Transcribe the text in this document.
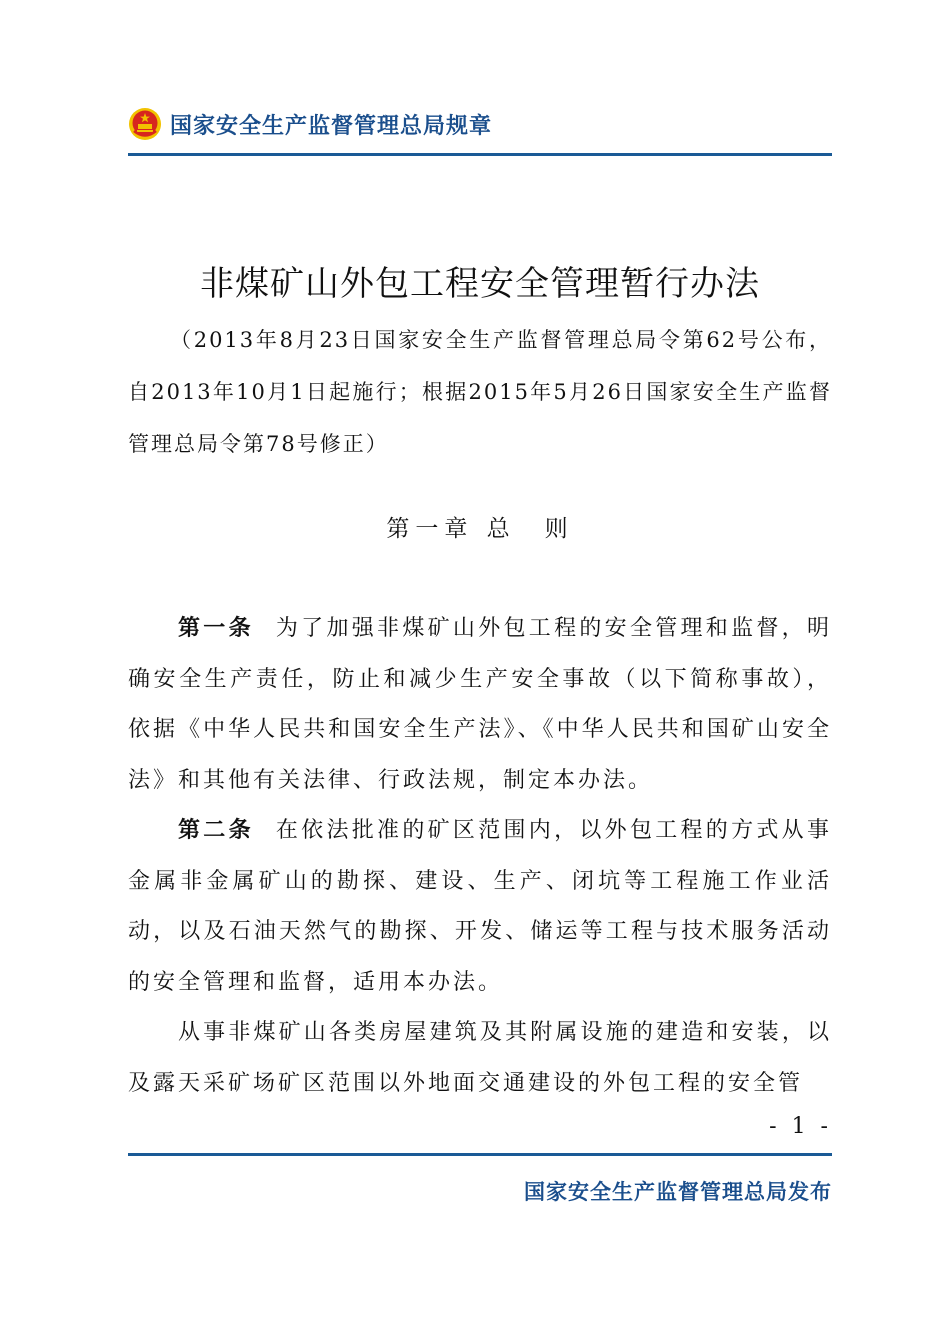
国家安全生产监督管理总局规章
非煤矿山外包工程安全管理暂行办法
（2013年8月23日国家安全生产监督管理总局令第62号公布，自2013年10月1日起施行；根据2015年5月26日国家安全生产监督管理总局令第78号修正）
第一章 总　则

第一条 为了加强非煤矿山外包工程的安全管理和监督，明确安全生产责任，防止和减少生产安全事故（以下简称事故），依据《中华人民共和国安全生产法》、《中华人民共和国矿山安全法》和其他有关法律、行政法规，制定本办法。

第二条 在依法批准的矿区范围内，以外包工程的方式从事金属非金属矿山的勘探、建设、生产、闭坑等工程施工作业活动，以及石油天然气的勘探、开发、储运等工程与技术服务活动的安全管理和监督，适用本办法。

从事非煤矿山各类房屋建筑及其附属设施的建造和安装，以及露天采矿场矿区范围以外地面交通建设的外包工程的安全管

- 1 -
国家安全生产监督管理总局发布
